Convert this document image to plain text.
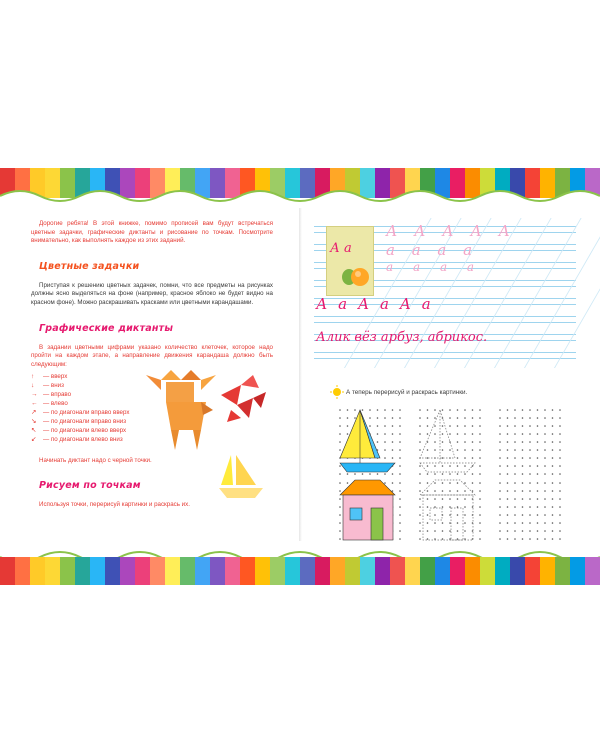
Дорогие ребята! В этой книжке, помимо прописей вам будут встречаться цветные задачки, графические диктанты и рисование по точкам. Посмотрите внимательно, как выполнять каждое из этих заданий.

Цветные задачки

Приступая к решению цветных задачек, помни, что все предметы на рисунках должны ясно выделяться на фоне (например, красное яблоко не будет видно на красном фоне). Можно раскрашивать красками или цветными карандашами.

Графические диктанты

В задании цветными цифрами указано количество клеточек, которое надо пройти на каждом этапе, а направление движения карандаша должно быть следующим:

↑	— вверх
↓	— вниз
→ — вправо
← — влево
↗	— по диагонали вправо вверх
↘	— по диагонали вправо вниз
↖	— по диагонали влево вверх
↙	— по диагонали влево вниз

Начинать диктант надо с черной точки.

Рисуем по точкам

Используя точки, перерисуй картинки и раскрась их.

А а
А А А А А
а а а а
а а а а
А а А а А а
Алик вёз арбуз, абрикос.
А теперь перерисуй и раскрась картинки.
